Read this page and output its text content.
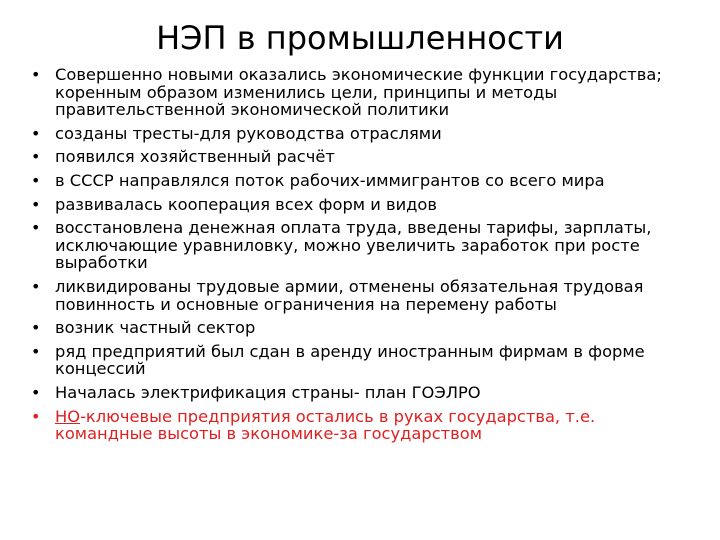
НЭП в промышленности
• Совершенно новыми оказались экономические функции государства; коренным образом изменились цели, принципы и методы правительственной экономической политики
• созданы тресты-для руководства отраслями
• появился хозяйственный расчёт
• в СССР направлялся поток рабочих-иммигрантов со всего мира
• развивалась кооперация всех форм и видов
• восстановлена денежная оплата труда, введены тарифы, зарплаты, исключающие уравниловку, можно увеличить заработок при росте выработки
• ликвидированы трудовые армии, отменены обязательная трудовая повинность и основные ограничения на перемену работы
• возник частный сектор
• ряд предприятий был сдан в аренду иностранным фирмам в форме концессий
• Началась электрификация страны- план ГОЭЛРО
• НО-ключевые предприятия остались в руках государства, т.е. командные высоты в экономике-за государством
